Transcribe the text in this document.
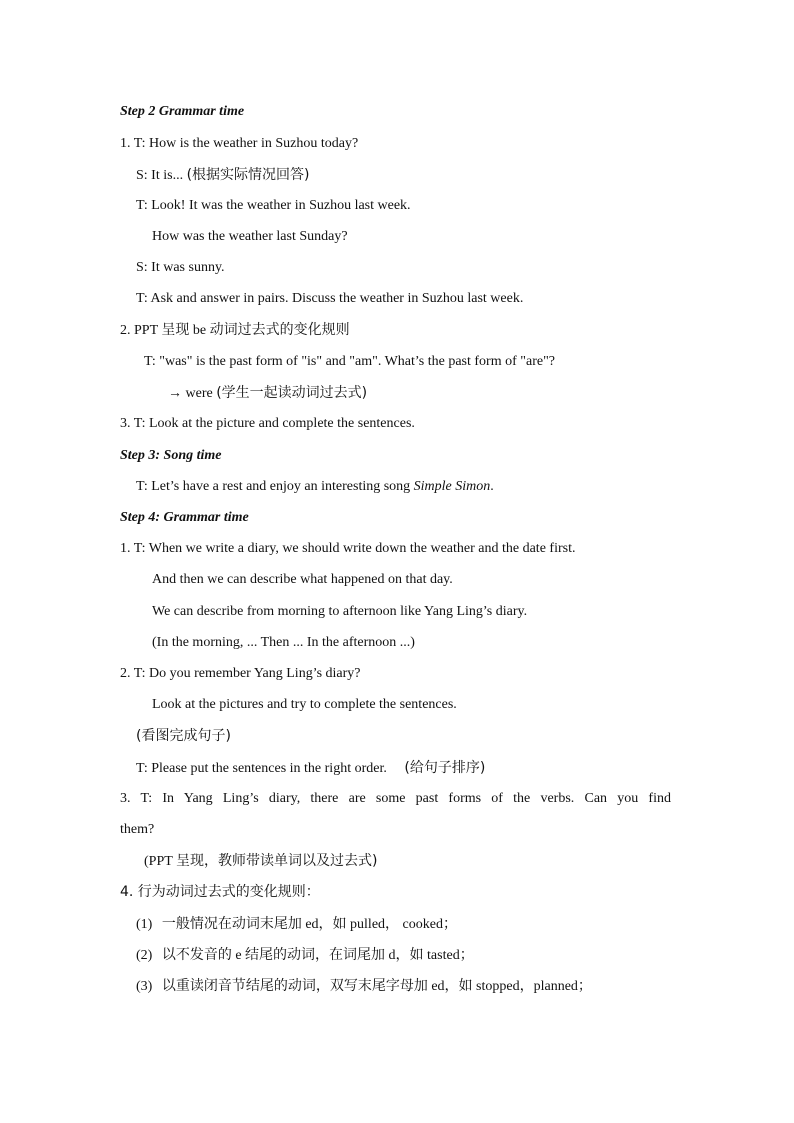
Step 2 Grammar time
1. T: How is the weather in Suzhou today?
S: It is... (根据实际情况回答)
T: Look! It was the weather in Suzhou last week.
How was the weather last Sunday?
S: It was sunny.
T: Ask and answer in pairs. Discuss the weather in Suzhou last week.
2. PPT 呈现 be 动词过去式的变化规则
T: "was" is the past form of "is" and "am". What’s the past form of "are"?
→ were (学生一起读动词过去式)
3. T: Look at the picture and complete the sentences.
Step 3: Song time
T: Let’s have a rest and enjoy an interesting song Simple Simon.
Step 4: Grammar time
1. T: When we write a diary, we should write down the weather and the date first.
And then we can describe what happened on that day.
We can describe from morning to afternoon like Yang Ling’s diary.
(In the morning, ... Then ... In the afternoon ...)
2. T: Do you remember Yang Ling’s diary?
Look at the pictures and try to complete the sentences.
(看图完成句子)
T: Please put the sentences in the right order. (给句子排序)
3. T: In Yang Ling’s diary, there are some past forms of the verbs. Can you find
them?
(PPT 呈现，教师带读单词以及过去式)
4. 行为动词过去式的变化规则：
(1) 一般情况在动词末尾加 ed，如 pulled， cooked；
(2) 以不发音的 e 结尾的动词，在词尾加 d，如 tasted；
(3) 以重读闭音节结尾的动词，双写末尾字母加 ed，如 stopped，planned；
